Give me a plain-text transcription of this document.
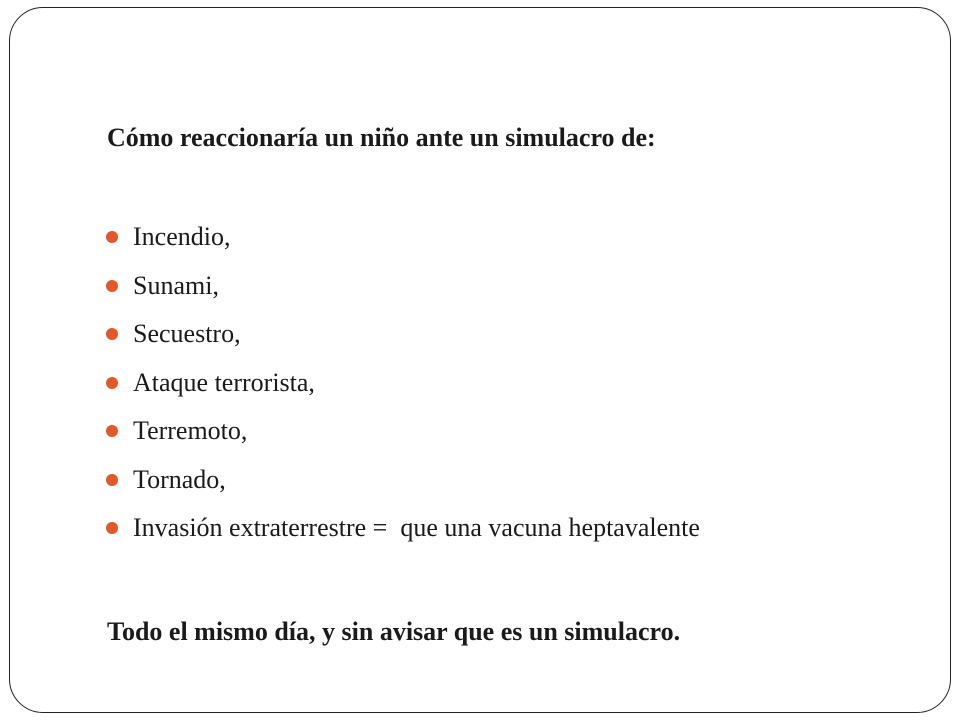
Cómo reaccionaría un niño ante un simulacro de:
Incendio,
Sunami,
Secuestro,
Ataque terrorista,
Terremoto,
Tornado,
Invasión extraterrestre =  que una vacuna heptavalente
Todo el mismo día, y sin avisar que es un simulacro.
